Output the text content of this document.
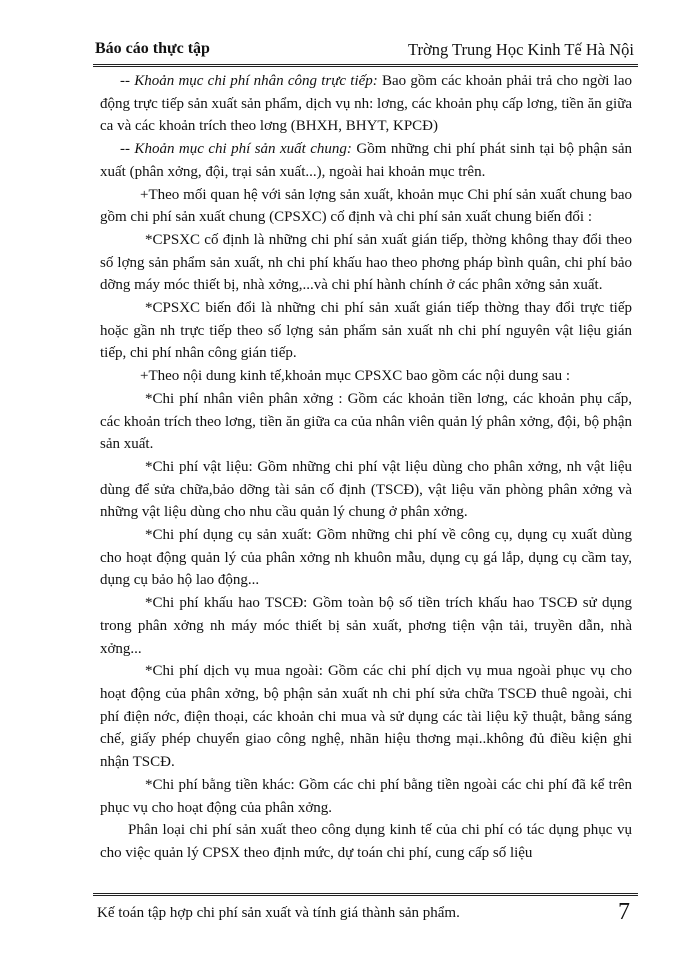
Báo cáo thực tập	Trờng Trung Học Kinh Tế Hà Nội

-- Khoản mục chi phí nhân công trực tiếp: Bao gồm các khoản phải trả cho ngời lao động trực tiếp sản xuất sản phẩm, dịch vụ nh: lơng, các khoản phụ cấp lơng, tiền ăn giữa ca và các khoản trích theo lơng (BHXH, BHYT, KPCĐ)

-- Khoản mục chi phí sản xuất chung: Gồm những chi phí phát sinh tại bộ phận sản xuất (phân xởng, đội, trại sản xuất...), ngoài hai khoản mục trên.

+Theo mối quan hệ với sản lợng sản xuất, khoản mục Chi phí sản xuất chung bao gồm chi phí sản xuất chung (CPSXC) cố định và chi phí sản xuất chung biến đổi :

*CPSXC cố định là những chi phí sản xuất gián tiếp, thờng không thay đổi theo số lợng sản phẩm sản xuất, nh chi phí khấu hao theo phơng pháp bình quân, chi phí bảo dỡng máy móc thiết bị, nhà xởng,...và chi phí hành chính ở các phân xởng sản xuất.

*CPSXC biến đổi là những chi phí sản xuất gián tiếp thờng thay đổi trực tiếp hoặc gần nh trực tiếp theo số lợng sản phẩm sản xuất nh chi phí nguyên vật liệu gián tiếp, chi phí nhân công gián tiếp.

+Theo nội dung kinh tế,khoản mục CPSXC bao gồm các nội dung sau :

*Chi phí nhân viên phân xởng : Gồm các khoản tiền lơng, các khoản phụ cấp, các khoản trích theo lơng, tiền ăn giữa ca của nhân viên quản lý phân xởng, đội, bộ phận sản xuất.

*Chi phí vật liệu: Gồm những chi phí vật liệu dùng cho phân xởng, nh vật liệu dùng để sửa chữa,bảo dỡng tài sản cố định (TSCĐ), vật liệu văn phòng phân xởng và những vật liệu dùng cho nhu cầu quản lý chung ở phân xởng.

*Chi phí dụng cụ sản xuất: Gồm những chi phí về công cụ, dụng cụ xuất dùng cho hoạt động quản lý của phân xởng nh khuôn mẫu, dụng cụ gá lắp, dụng cụ cầm tay, dụng cụ bảo hộ lao động...

*Chi phí khấu hao TSCĐ: Gồm toàn bộ số tiền trích khấu hao TSCĐ sử dụng trong phân xởng nh máy móc thiết bị sản xuất, phơng tiện vận tải, truyền dẫn, nhà xởng...

*Chi phí dịch vụ mua ngoài: Gồm các chi phí dịch vụ mua ngoài phục vụ cho hoạt động của phân xởng, bộ phận sản xuất nh chi phí sửa chữa TSCĐ thuê ngoài, chi phí điện nớc, điện thoại, các khoản chi mua và sử dụng các tài liệu kỹ thuật, bằng sáng chế, giấy phép chuyển giao công nghệ, nhãn hiệu thơng mại..không đủ điều kiện ghi nhận TSCĐ.

*Chi phí bằng tiền khác: Gồm các chi phí bằng tiền ngoài các chi phí đã kể trên phục vụ cho hoạt động của phân xởng.

Phân loại chi phí sản xuất theo công dụng kinh tế của chi phí có tác dụng phục vụ cho việc quản lý CPSX theo định mức, dự toán chi phí, cung cấp số liệu

Kế toán tập hợp chi phí sản xuất và tính giá thành sản phẩm.	7
